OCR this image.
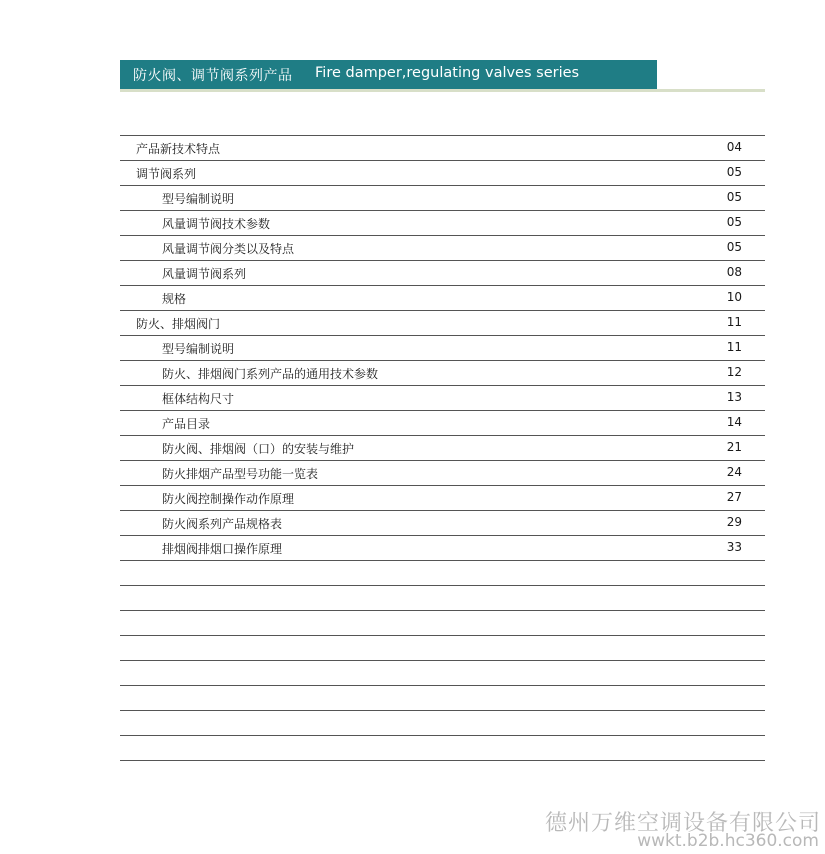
防火阀、调节阀系列产品 Fire damper,regulating valves series
产品新技术特点	04
调节阀系列	05
型号编制说明	05
风量调节阀技术参数	05
风量调节阀分类以及特点	05
风量调节阀系列	08
规格	10
防火、排烟阀门	11
型号编制说明	11
防火、排烟阀门系列产品的通用技术参数	12
框体结构尺寸	13
产品目录	14
防火阀、排烟阀（口）的安装与维护	21
防火排烟产品型号功能一览表	24
防火阀控制操作动作原理	27
防火阀系列产品规格表	29
排烟阀排烟口操作原理	33
德州万维空调设备有限公司
wwkt.b2b.hc360.com
